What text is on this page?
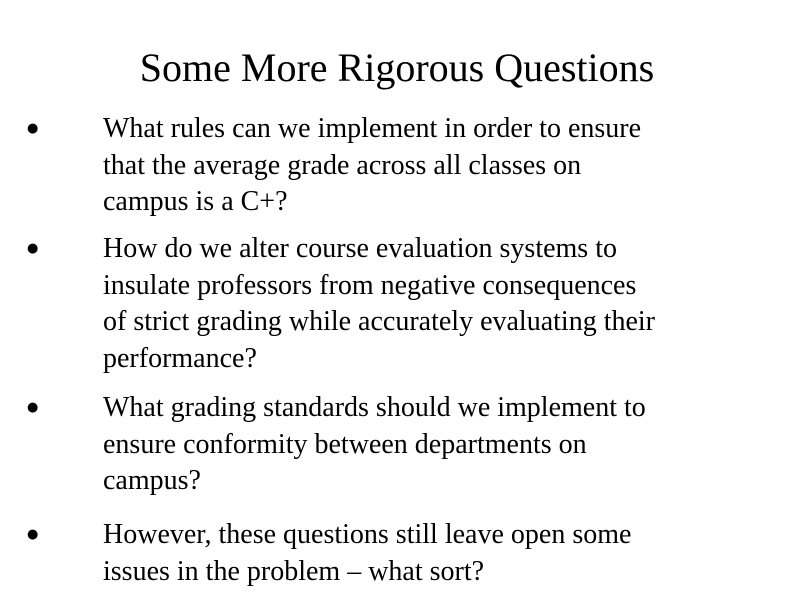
Some More Rigorous Questions
● What rules can we implement in order to ensure
that the average grade across all classes on
campus is a C+?
● How do we alter course evaluation systems to
insulate professors from negative consequences
of strict grading while accurately evaluating their
performance?
● What grading standards should we implement to
ensure conformity between departments on
campus?
● However, these questions still leave open some
issues in the problem – what sort?
